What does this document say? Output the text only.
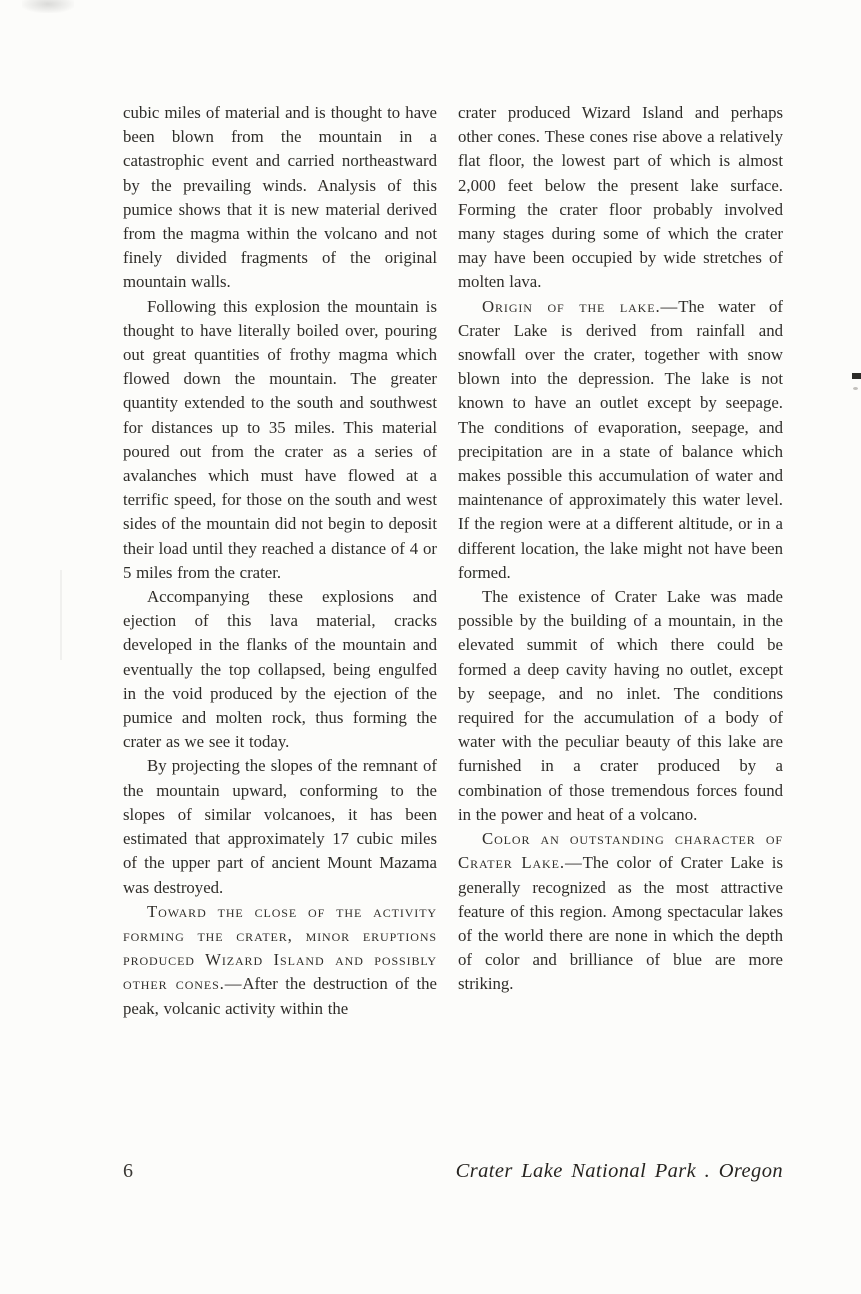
cubic miles of material and is thought to have been blown from the mountain in a catastrophic event and carried northeastward by the prevailing winds. Analysis of this pumice shows that it is new material derived from the magma within the volcano and not finely divided fragments of the original mountain walls.

Following this explosion the mountain is thought to have literally boiled over, pouring out great quantities of frothy magma which flowed down the mountain. The greater quantity extended to the south and southwest for distances up to 35 miles. This material poured out from the crater as a series of avalanches which must have flowed at a terrific speed, for those on the south and west sides of the mountain did not begin to deposit their load until they reached a distance of 4 or 5 miles from the crater.

Accompanying these explosions and ejection of this lava material, cracks developed in the flanks of the mountain and eventually the top collapsed, being engulfed in the void produced by the ejection of the pumice and molten rock, thus forming the crater as we see it today.

By projecting the slopes of the remnant of the mountain upward, conforming to the slopes of similar volcanoes, it has been estimated that approximately 17 cubic miles of the upper part of ancient Mount Mazama was destroyed.

Toward the close of the activity forming the crater, minor eruptions produced Wizard Island and possibly other cones.—After the destruction of the peak, volcanic activity within the

crater produced Wizard Island and perhaps other cones. These cones rise above a relatively flat floor, the lowest part of which is almost 2,000 feet below the present lake surface. Forming the crater floor probably involved many stages during some of which the crater may have been occupied by wide stretches of molten lava.

Origin of the lake.—The water of Crater Lake is derived from rainfall and snowfall over the crater, together with snow blown into the depression. The lake is not known to have an outlet except by seepage. The conditions of evaporation, seepage, and precipitation are in a state of balance which makes possible this accumulation of water and maintenance of approximately this water level. If the region were at a different altitude, or in a different location, the lake might not have been formed.

The existence of Crater Lake was made possible by the building of a mountain, in the elevated summit of which there could be formed a deep cavity having no outlet, except by seepage, and no inlet. The conditions required for the accumulation of a body of water with the peculiar beauty of this lake are furnished in a crater produced by a combination of those tremendous forces found in the power and heat of a volcano.

Color an outstanding character of Crater Lake.—The color of Crater Lake is generally recognized as the most attractive feature of this region. Among spectacular lakes of the world there are none in which the depth of color and brilliance of blue are more striking.

6	Crater Lake National Park . Oregon
